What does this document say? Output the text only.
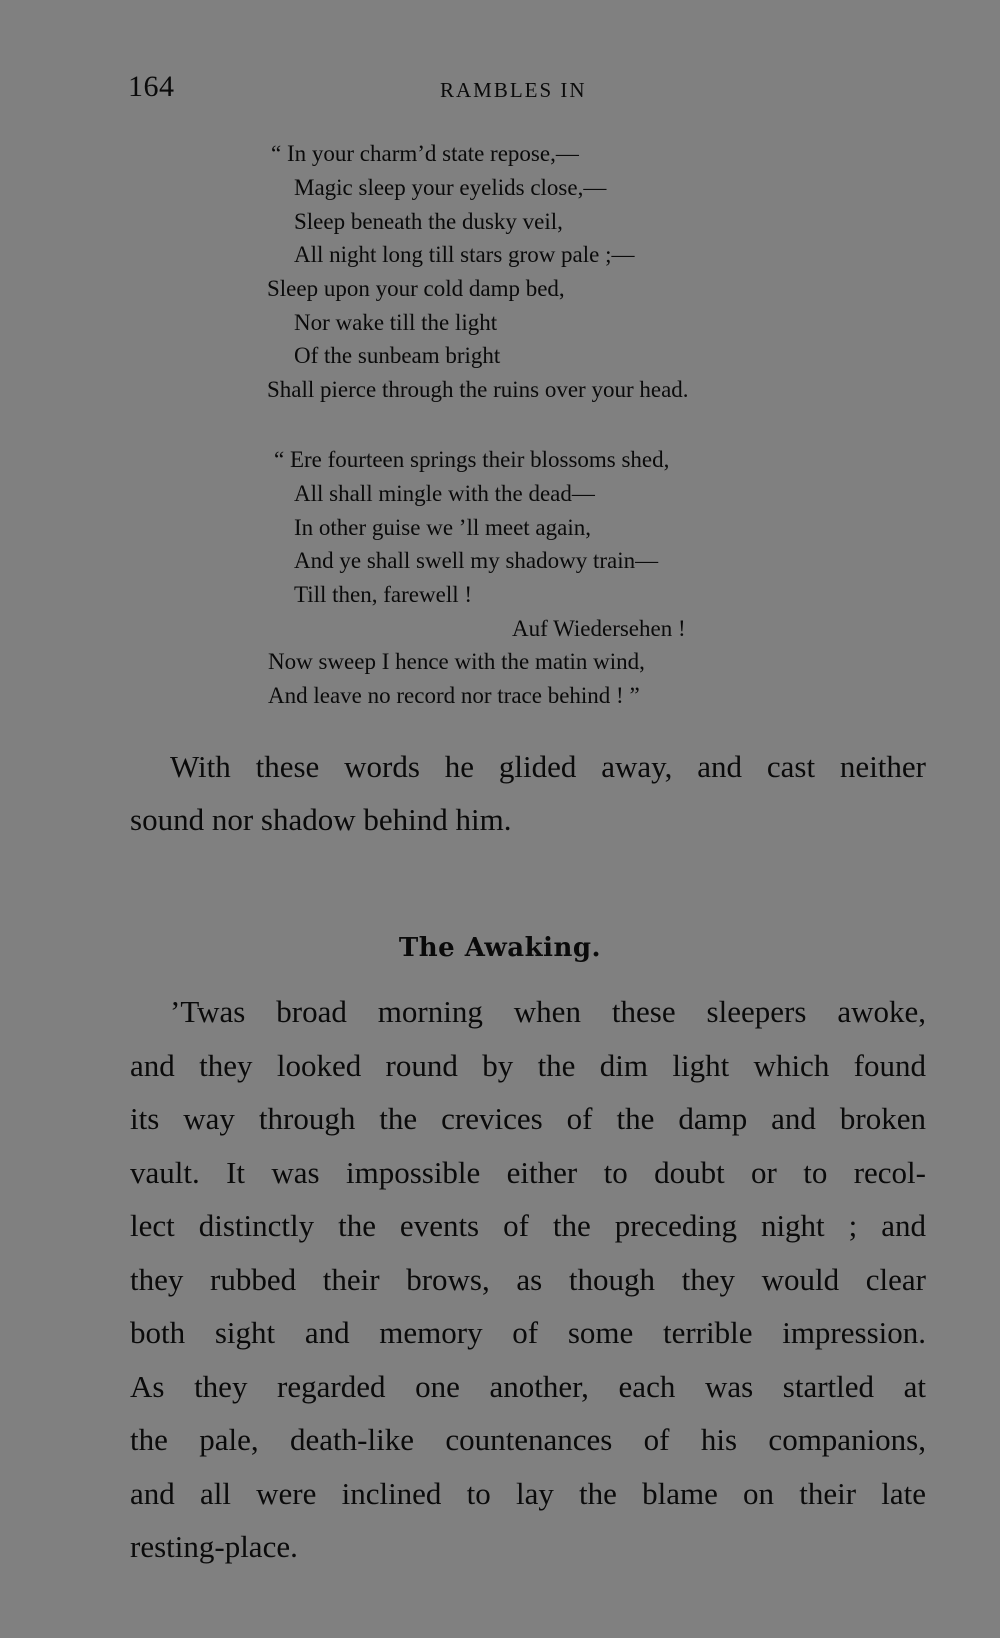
164	RAMBLES IN
“ In your charm’d state repose,—
Magic sleep your eyelids close,—
Sleep beneath the dusky veil,
All night long till stars grow pale ;—
Sleep upon your cold damp bed,
Nor wake till the light
Of the sunbeam bright
Shall pierce through the ruins over your head.
“ Ere fourteen springs their blossoms shed,
All shall mingle with the dead—
In other guise we ’ll meet again,
And ye shall swell my shadowy train—
Till then, farewell !
Auf Wiedersehen !
Now sweep I hence with the matin wind,
And leave no record nor trace behind ! ”
With these words he glided away, and cast neither
sound nor shadow behind him.
The Awaking.
’Twas broad morning when these sleepers awoke,
and they looked round by the dim light which found
its way through the crevices of the damp and broken
vault. It was impossible either to doubt or to recol-
lect distinctly the events of the preceding night ; and
they rubbed their brows, as though they would clear
both sight and memory of some terrible impression.
As they regarded one another, each was startled at
the pale, death-like countenances of his companions,
and all were inclined to lay the blame on their late
resting-place.
